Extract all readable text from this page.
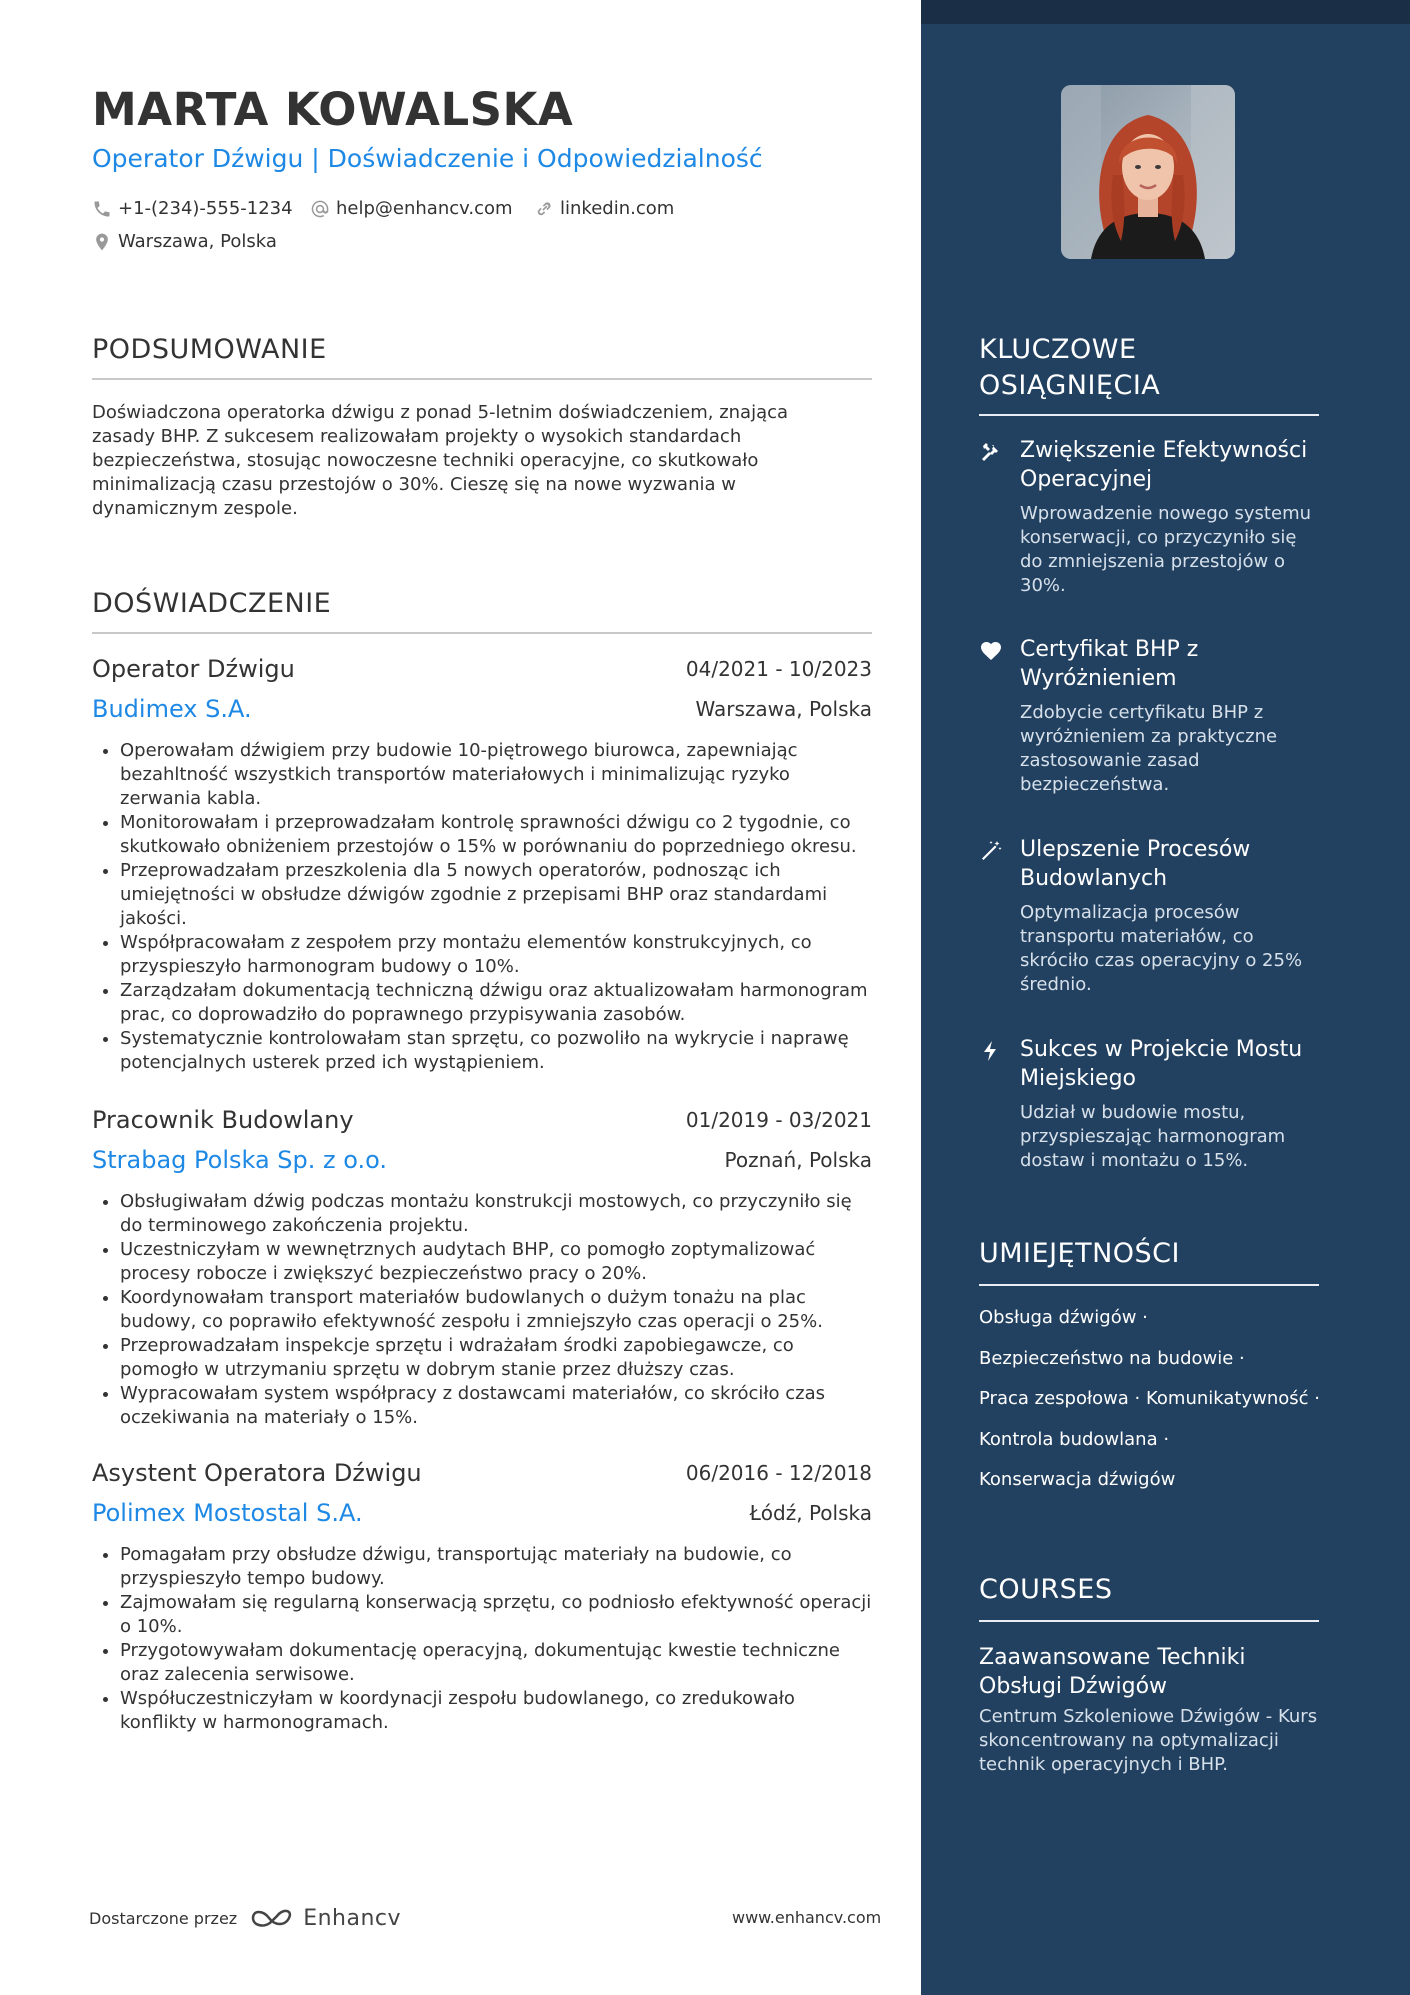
MARTA KOWALSKA
Operator Dźwigu | Doświadczenie i Odpowiedzialność
+1-(234)-555-1234 help@enhancv.com	linkedin.com
Warszawa, Polska
PODSUMOWANIE
Doświadczona operatorka dźwigu z ponad 5-letnim doświadczeniem, znająca zasady BHP. Z sukcesem realizowałam projekty o wysokich standardach bezpieczeństwa, stosując nowoczesne techniki operacyjne, co skutkowało minimalizacją czasu przestojów o 30%. Cieszę się na nowe wyzwania w dynamicznym zespole.
DOŚWIADCZENIE
Operator Dźwigu	04/2021 - 10/2023
Budimex S.A.	Warszawa, Polska
• Operowałam dźwigiem przy budowie 10-piętrowego biurowca, zapewniając bezahltność wszystkich transportów materiałowych i minimalizując ryzyko zerwania kabla.
• Monitorowałam i przeprowadzałam kontrolę sprawności dźwigu co 2 tygodnie, co skutkowało obniżeniem przestojów o 15% w porównaniu do poprzedniego okresu.
• Przeprowadzałam przeszkolenia dla 5 nowych operatorów, podnosząc ich umiejętności w obsłudze dźwigów zgodnie z przepisami BHP oraz standardami jakości.
• Współpracowałam z zespołem przy montażu elementów konstrukcyjnych, co przyspieszyło harmonogram budowy o 10%.
• Zarządzałam dokumentacją techniczną dźwigu oraz aktualizowałam harmonogram prac, co doprowadziło do poprawnego przypisywania zasobów.
• Systematycznie kontrolowałam stan sprzętu, co pozwoliło na wykrycie i naprawę potencjalnych usterek przed ich wystąpieniem.
Pracownik Budowlany	01/2019 - 03/2021
Strabag Polska Sp. z o.o.	Poznań, Polska
• Obsługiwałam dźwig podczas montażu konstrukcji mostowych, co przyczyniło się do terminowego zakończenia projektu.
• Uczestniczyłam w wewnętrznych audytach BHP, co pomogło zoptymalizować procesy robocze i zwiększyć bezpieczeństwo pracy o 20%.
• Koordynowałam transport materiałów budowlanych o dużym tonażu na plac budowy, co poprawiło efektywność zespołu i zmniejszyło czas operacji o 25%.
• Przeprowadzałam inspekcje sprzętu i wdrażałam środki zapobiegawcze, co pomogło w utrzymaniu sprzętu w dobrym stanie przez dłuższy czas.
• Wypracowałam system współpracy z dostawcami materiałów, co skróciło czas oczekiwania na materiały o 15%.
Asystent Operatora Dźwigu	06/2016 - 12/2018
Polimex Mostostal S.A.	Łódź, Polska
• Pomagałam przy obsłudze dźwigu, transportując materiały na budowie, co przyspieszyło tempo budowy.
• Zajmowałam się regularną konserwacją sprzętu, co podniosło efektywność operacji o 10%.
• Przygotowywałam dokumentację operacyjną, dokumentując kwestie techniczne oraz zalecenia serwisowe.
• Współuczestniczyłam w koordynacji zespołu budowlanego, co zredukowało konflikty w harmonogramach.
KLUCZOWE OSIĄGNIĘCIA
Zwiększenie Efektywności Operacyjnej
Wprowadzenie nowego systemu konserwacji, co przyczyniło się do zmniejszenia przestojów o 30%.
Certyfikat BHP z Wyróżnieniem
Zdobycie certyfikatu BHP z wyróżnieniem za praktyczne zastosowanie zasad bezpieczeństwa.
Ulepszenie Procesów Budowlanych
Optymalizacja procesów transportu materiałów, co skróciło czas operacyjny o 25% średnio.
Sukces w Projekcie Mostu Miejskiego
Udział w budowie mostu, przyspieszając harmonogram dostaw i montażu o 15%.
UMIEJĘTNOŚCI
Obsługa dźwigów ·
Bezpieczeństwo na budowie ·
Praca zespołowa · Komunikatywność ·
Kontrola budowlana ·
Konserwacja dźwigów
COURSES
Zaawansowane Techniki Obsługi Dźwigów
Centrum Szkoleniowe Dźwigów - Kurs skoncentrowany na optymalizacji technik operacyjnych i BHP.
Dostarczone przez	Enhancv	www.enhancv.com
